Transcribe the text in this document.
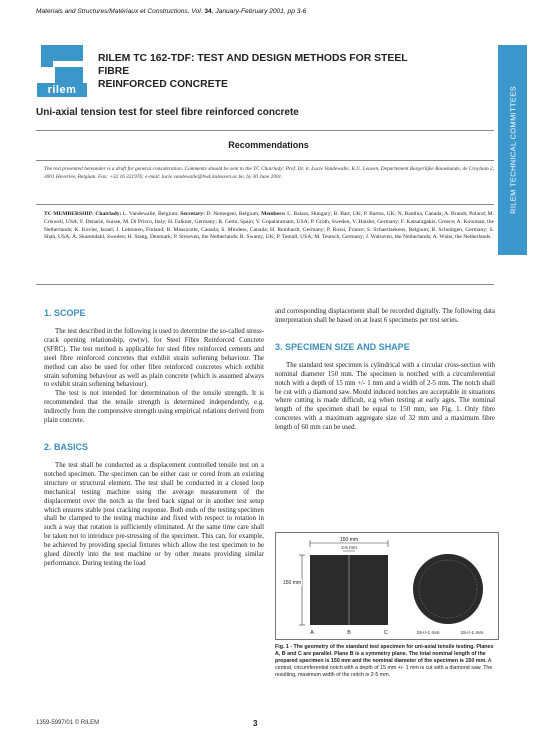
Materials and Structures/Matériaux et Constructions, Vol. 34, January-February 2001, pp 3-6
rilem
RILEM TC 162-TDF: TEST AND DESIGN METHODS FOR STEEL FIBRE
REINFORCED CONCRETE
Uni-axial tension test for steel fibre reinforced concrete
Recommendations
The text presented hereunder is a draft for general consideration. Comments should be sent to the TC Chairlady: Prof. Dr. ir. Lucie Vandewalle, K.U. Leuven, Departement Burgerlijke Bouwkunde, de Croylaan 2, 3001 Heverlee, Belgium. Fax: +32 16 321976; e-mail: lucie.vandewalle@bwk.kuleuven.ac.be, by 30 June 2001.
TC MEMBERSHIP: Chairlady: L. Vandewalle, Belgium; Secretary: D. Nemegeer, Belgium; Members: L. Balazs, Hungary; B. Barr, UK; P. Bartos, UK; N. Banthia, Canada; A. Brandt, Poland; M. Criswell, USA; F. Denarié, Suisse, M. Di Prisco, Italy; H. Falkner, Germany; R. Gettu, Spain; V. Gopalaratnam, USA; P. Groth, Sweden, V. Haisler, Germany; F. Katsaragakis, Greece; A. Kooiman, the Netherlands; K. Kovler, Israel; J. Lehtonen, Finland; B. Massicotte, Canada; S. Mindess, Canada; H. Reinhardt, Germany; P. Rossi, France; S. Schaerlaekens, Belgium; B. Schnütgen, Germany; S. Shah, USA; Å. Skarendahl, Sweden; H. Stang, Denmark; P. Stroeven, the Netherlands; R. Swamy, UK; P. Tatnall, USA; M. Teutsch, Germany; J. Walraven, the Netherlands; A. Wubs, the Netherlands.
RILEM TECHNICAL COMMITTEES
1. SCOPE

The test described in the following is used to determine the so-called stress-crack opening relationship, σw(w), for Steel Fibre Reinforced Concrete (SFRC). The test method is applicable for steel fibre reinforced cements and steel fibre reinforced concretes that exhibit strain softening behaviour. The method can also be used for other fibre reinforced concretes which exhibit strain softening behaviour as well as plain concrete (which is assumed always to exhibit strain softening behaviour).

The test is not intended for determination of the tensile strength. It is recommended that the tensile strength is determined independently, e.g. indirectly from the compressive strength using empirical relations derived from plain concrete.

2. BASICS

The test shall be conducted as a displacement controlled tensile test on a notched specimen. The specimen can be either cast or cored from an existing structure or structural element. The test shall be conducted in a closed loop mechanical testing machine using the average measurement of the displacement over the notch as the feed back signal or in another test setup which ensures stable post cracking response. Both ends of the testing specimen shall be clamped to the testing machine and fixed with respect to rotation in such a way that rotation is sufficiently eliminated. At the same time care shall be taken not to introduce pre-stressing of the specimen. This can, for example, be achieved by providing special fixtures which allow the test specimen to be glued directly into the test machine or by other means providing similar performance. During testing the load

and corresponding displacement shall be recorded digitally. The following data interpretation shall be based on at least 6 specimens per test series.

3. SPECIMEN SIZE AND SHAPE

The standard test specimen is cylindrical with a circular cross-section with nominal diameter 150 mm. The specimen is notched with a circumferential notch with a depth of 15 mm +/- 1 mm and a width of 2-5 mm. The notch shall be cut with a diamond saw. Mould induced notches are acceptable in situations where cutting is made difficult, e.g when testing at early ages. The nominal length of the specimen shall be equal to 150 mm, see Fig. 1. Only fibre concretes with a maximum aggregate size of 32 mm and a maximum fibre length of 60 mm can be used.

150 mm
2-5 mm
150 mm
A	B	C	15+/-1 mm	15+/-1 mm
Fig. 1 - The geometry of the standard test specimen for uni-axial tensile testing. Planes A, B and C are parallel. Plane B is a symmetry plane. The total nominal length of the prepared specimen is 150 mm and the nominal diameter of the specimen is 150 mm. A central, circumferential notch with a depth of 15 mm +/- 1 mm is cut with a diamond saw. The resulting, maximum width of the notch is 2-5 mm.
1359-5997/01 © RILEM	3
